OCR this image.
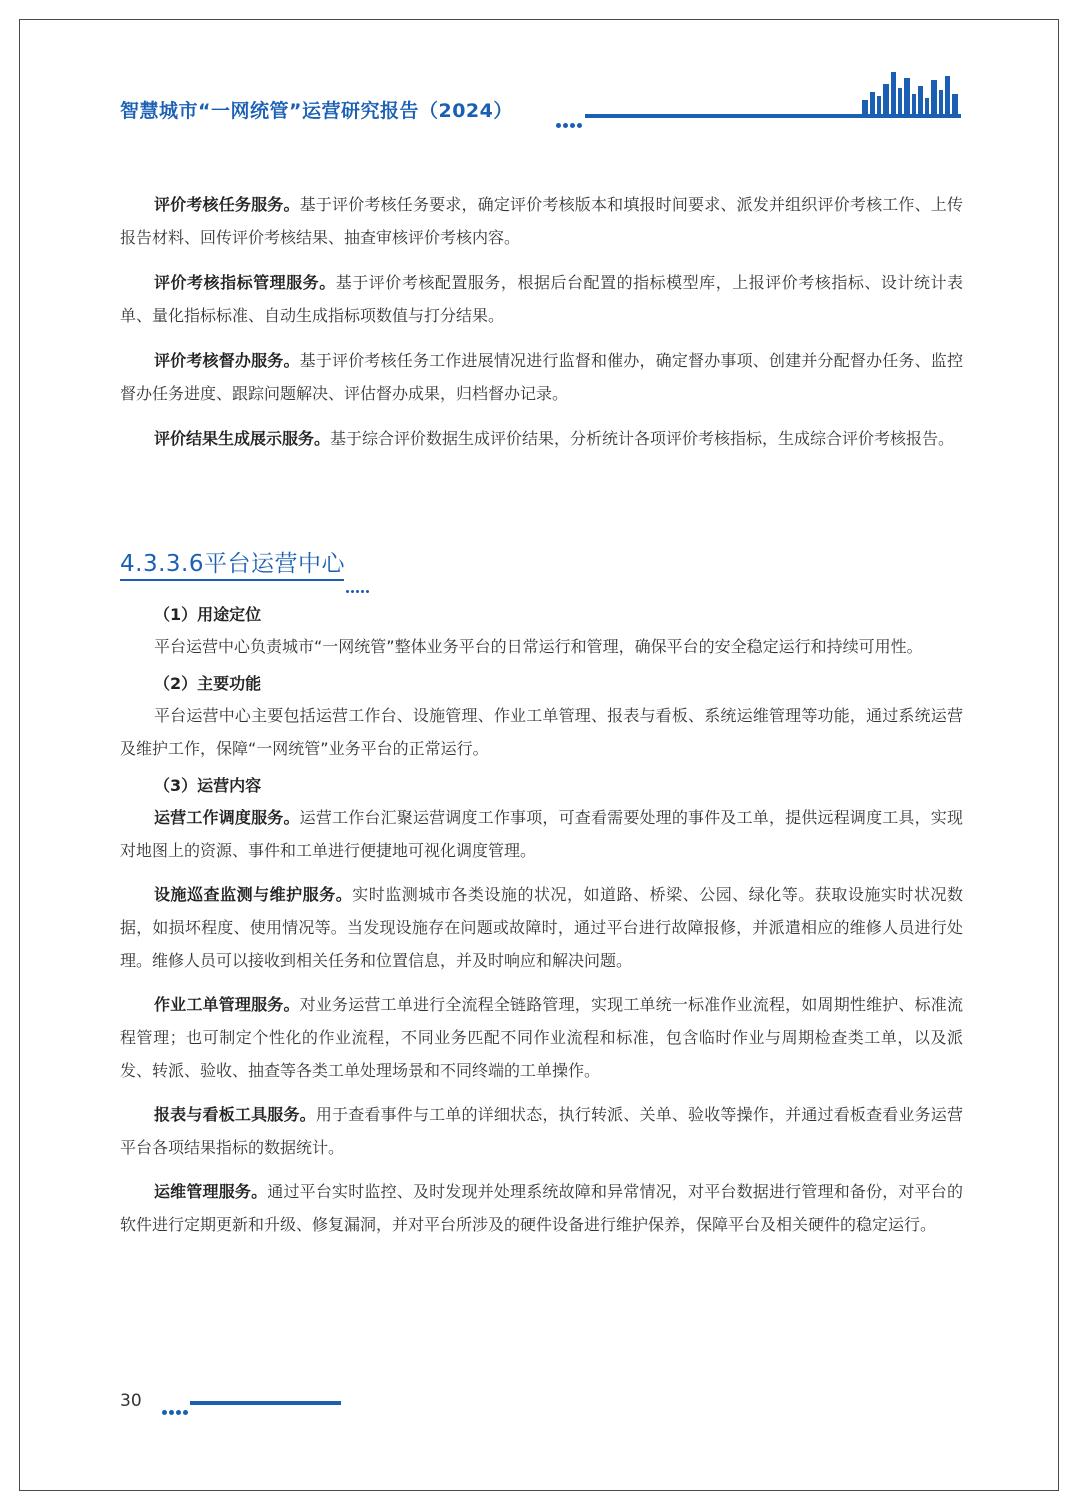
智慧城市“一网统管”运营研究报告（2024）

评价考核任务服务。基于评价考核任务要求，确定评价考核版本和填报时间要求、派发并组织评价考核工作、上传报告材料、回传评价考核结果、抽查审核评价考核内容。

评价考核指标管理服务。基于评价考核配置服务，根据后台配置的指标模型库，上报评价考核指标、设计统计表单、量化指标标准、自动生成指标项数值与打分结果。

评价考核督办服务。基于评价考核任务工作进展情况进行监督和催办，确定督办事项、创建并分配督办任务、监控督办任务进度、跟踪问题解决、评估督办成果，归档督办记录。

评价结果生成展示服务。基于综合评价数据生成评价结果，分析统计各项评价考核指标，生成综合评价考核报告。

4.3.3.6平台运营中心

（1）用途定位

平台运营中心负责城市“一网统管”整体业务平台的日常运行和管理，确保平台的安全稳定运行和持续可用性。

（2）主要功能

平台运营中心主要包括运营工作台、设施管理、作业工单管理、报表与看板、系统运维管理等功能，通过系统运营及维护工作，保障“一网统管”业务平台的正常运行。

（3）运营内容

运营工作调度服务。运营工作台汇聚运营调度工作事项，可查看需要处理的事件及工单，提供远程调度工具，实现对地图上的资源、事件和工单进行便捷地可视化调度管理。

设施巡查监测与维护服务。实时监测城市各类设施的状况，如道路、桥梁、公园、绿化等。获取设施实时状况数据，如损坏程度、使用情况等。当发现设施存在问题或故障时，通过平台进行故障报修，并派遣相应的维修人员进行处理。维修人员可以接收到相关任务和位置信息，并及时响应和解决问题。

作业工单管理服务。对业务运营工单进行全流程全链路管理，实现工单统一标准作业流程，如周期性维护、标准流程管理；也可制定个性化的作业流程，不同业务匹配不同作业流程和标准，包含临时作业与周期检查类工单，以及派发、转派、验收、抽查等各类工单处理场景和不同终端的工单操作。

报表与看板工具服务。用于查看事件与工单的详细状态，执行转派、关单、验收等操作，并通过看板查看业务运营平台各项结果指标的数据统计。

运维管理服务。通过平台实时监控、及时发现并处理系统故障和异常情况，对平台数据进行管理和备份，对平台的软件进行定期更新和升级、修复漏洞，并对平台所涉及的硬件设备进行维护保养，保障平台及相关硬件的稳定运行。

30
